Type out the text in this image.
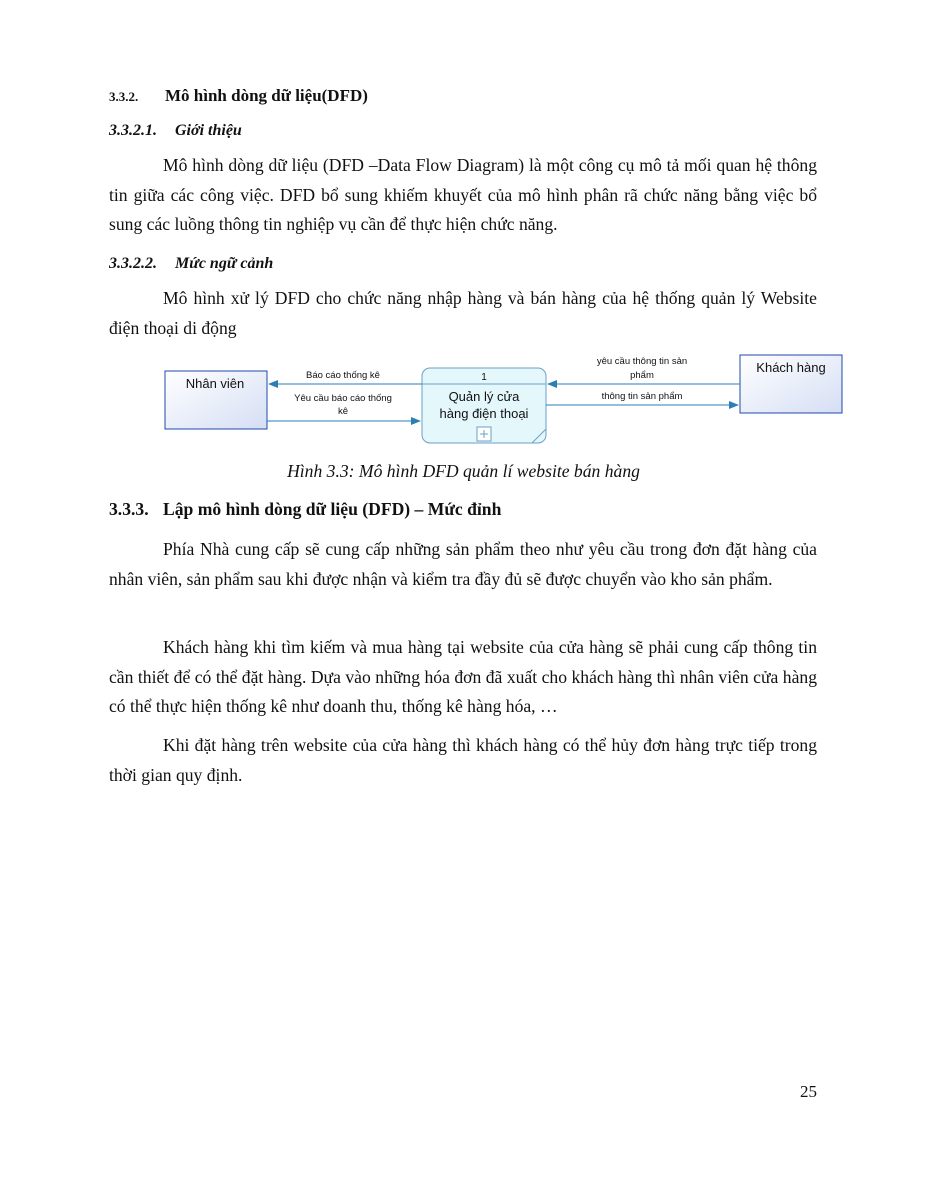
3.3.2. Mô hình dòng dữ liệu(DFD)
3.3.2.1. Giới thiệu

Mô hình dòng dữ liệu (DFD –Data Flow Diagram) là một công cụ mô tả mối quan hệ thông tin giữa các công việc. DFD bổ sung khiếm khuyết của mô hình phân rã chức năng bằng việc bổ sung các luồng thông tin nghiệp vụ cần để thực hiện chức năng.

3.3.2.2. Mức ngữ cảnh

Mô hình xử lý DFD cho chức năng nhập hàng và bán hàng của hệ thống quản lý Website điện thoại di động

Nhân viên
Khách hàng
1
Quản lý cửa
hàng điện thoại
Báo cáo thống kê
Yêu cầu báo cáo thống
kê
yêu cầu thông tin sản
phẩm
thông tin sản phẩm
Hình 3.3: Mô hình DFD quản lí website bán hàng
3.3.3. Lập mô hình dòng dữ liệu (DFD) – Mức đỉnh

Phía Nhà cung cấp sẽ cung cấp những sản phẩm theo như yêu cầu trong đơn đặt hàng của nhân viên, sản phẩm sau khi được nhận và kiểm tra đầy đủ sẽ được chuyển vào kho sản phẩm.

Khách hàng khi tìm kiếm và mua hàng tại website của cửa hàng sẽ phải cung cấp thông tin cần thiết để có thể đặt hàng. Dựa vào những hóa đơn đã xuất cho khách hàng thì nhân viên cửa hàng có thể thực hiện thống kê như doanh thu, thống kê hàng hóa, …

Khi đặt hàng trên website của cửa hàng thì khách hàng có thể hủy đơn hàng trực tiếp trong thời gian quy định.

25
